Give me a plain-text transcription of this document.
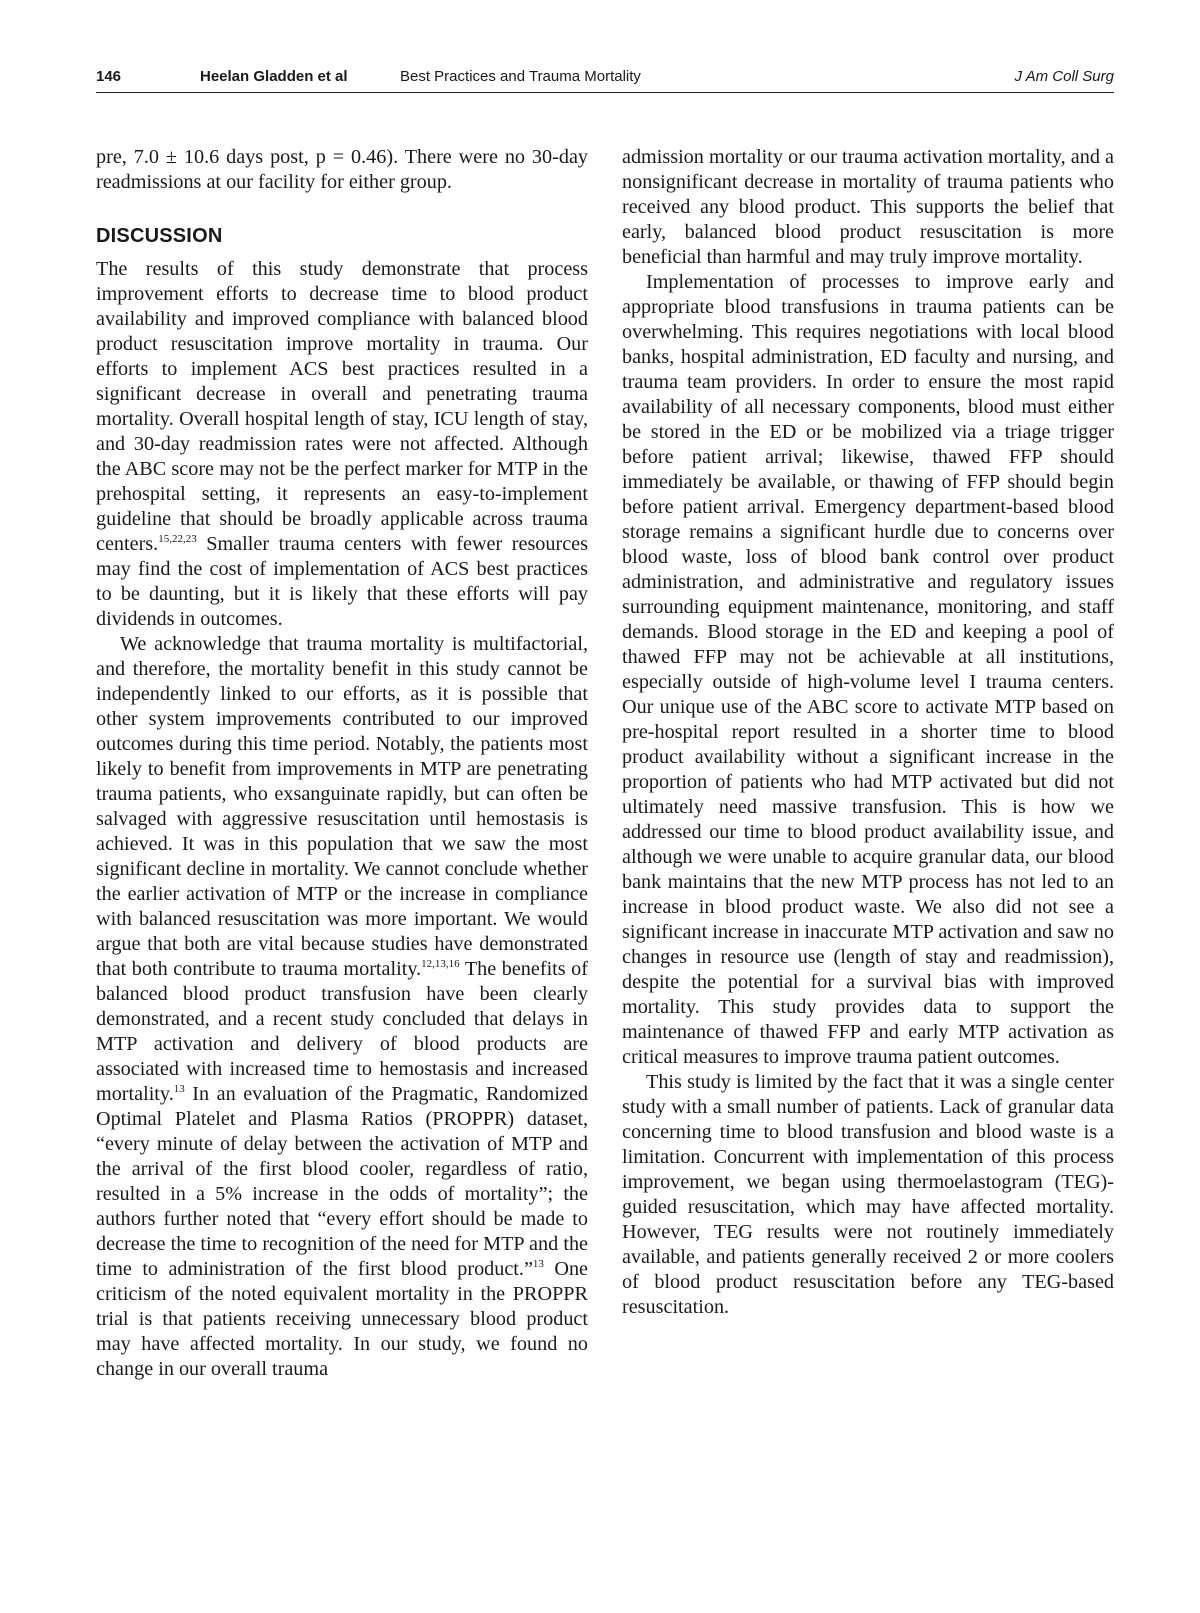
146	Heelan Gladden et al	Best Practices and Trauma Mortality	J Am Coll Surg

pre, 7.0 ± 10.6 days post, p = 0.46). There were no 30-day readmissions at our facility for either group.

DISCUSSION

The results of this study demonstrate that process improvement efforts to decrease time to blood product availability and improved compliance with balanced blood product resuscitation improve mortality in trauma. Our efforts to implement ACS best practices resulted in a significant decrease in overall and penetrating trauma mortality. Overall hospital length of stay, ICU length of stay, and 30-day readmission rates were not affected. Although the ABC score may not be the perfect marker for MTP in the prehospital setting, it represents an easy-to-implement guideline that should be broadly applicable across trauma centers.$^{15,22,23}$ Smaller trauma centers with fewer resources may find the cost of implementation of ACS best practices to be daunting, but it is likely that these efforts will pay dividends in outcomes.

We acknowledge that trauma mortality is multifactorial, and therefore, the mortality benefit in this study cannot be independently linked to our efforts, as it is possible that other system improvements contributed to our improved outcomes during this time period. Notably, the patients most likely to benefit from improvements in MTP are penetrating trauma patients, who exsanguinate rapidly, but can often be salvaged with aggressive resuscitation until hemostasis is achieved. It was in this population that we saw the most significant decline in mortality. We cannot conclude whether the earlier activation of MTP or the increase in compliance with balanced resuscitation was more important. We would argue that both are vital because studies have demonstrated that both contribute to trauma mortality.$^{12,13,16}$ The benefits of balanced blood product transfusion have been clearly demonstrated, and a recent study concluded that delays in MTP activation and delivery of blood products are associated with increased time to hemostasis and increased mortality.$^{13}$ In an evaluation of the Pragmatic, Randomized Optimal Platelet and Plasma Ratios (PROPPR) dataset, “every minute of delay between the activation of MTP and the arrival of the first blood cooler, regardless of ratio, resulted in a 5% increase in the odds of mortality”; the authors further noted that “every effort should be made to decrease the time to recognition of the need for MTP and the time to administration of the first blood product.”$^{13}$ One criticism of the noted equivalent mortality in the PROPPR trial is that patients receiving unnecessary blood product may have affected mortality. In our study, we found no change in our overall trauma

admission mortality or our trauma activation mortality, and a nonsignificant decrease in mortality of trauma patients who received any blood product. This supports the belief that early, balanced blood product resuscitation is more beneficial than harmful and may truly improve mortality.

Implementation of processes to improve early and appropriate blood transfusions in trauma patients can be overwhelming. This requires negotiations with local blood banks, hospital administration, ED faculty and nursing, and trauma team providers. In order to ensure the most rapid availability of all necessary components, blood must either be stored in the ED or be mobilized via a triage trigger before patient arrival; likewise, thawed FFP should immediately be available, or thawing of FFP should begin before patient arrival. Emergency department-based blood storage remains a significant hurdle due to concerns over blood waste, loss of blood bank control over product administration, and administrative and regulatory issues surrounding equipment maintenance, monitoring, and staff demands. Blood storage in the ED and keeping a pool of thawed FFP may not be achievable at all institutions, especially outside of high-volume level I trauma centers. Our unique use of the ABC score to activate MTP based on pre-hospital report resulted in a shorter time to blood product availability without a significant increase in the proportion of patients who had MTP activated but did not ultimately need massive transfusion. This is how we addressed our time to blood product availability issue, and although we were unable to acquire granular data, our blood bank maintains that the new MTP process has not led to an increase in blood product waste. We also did not see a significant increase in inaccurate MTP activation and saw no changes in resource use (length of stay and readmission), despite the potential for a survival bias with improved mortality. This study provides data to support the maintenance of thawed FFP and early MTP activation as critical measures to improve trauma patient outcomes.

This study is limited by the fact that it was a single center study with a small number of patients. Lack of granular data concerning time to blood transfusion and blood waste is a limitation. Concurrent with implementation of this process improvement, we began using thermoelastogram (TEG)-guided resuscitation, which may have affected mortality. However, TEG results were not routinely immediately available, and patients generally received 2 or more coolers of blood product resuscitation before any TEG-based resuscitation.
